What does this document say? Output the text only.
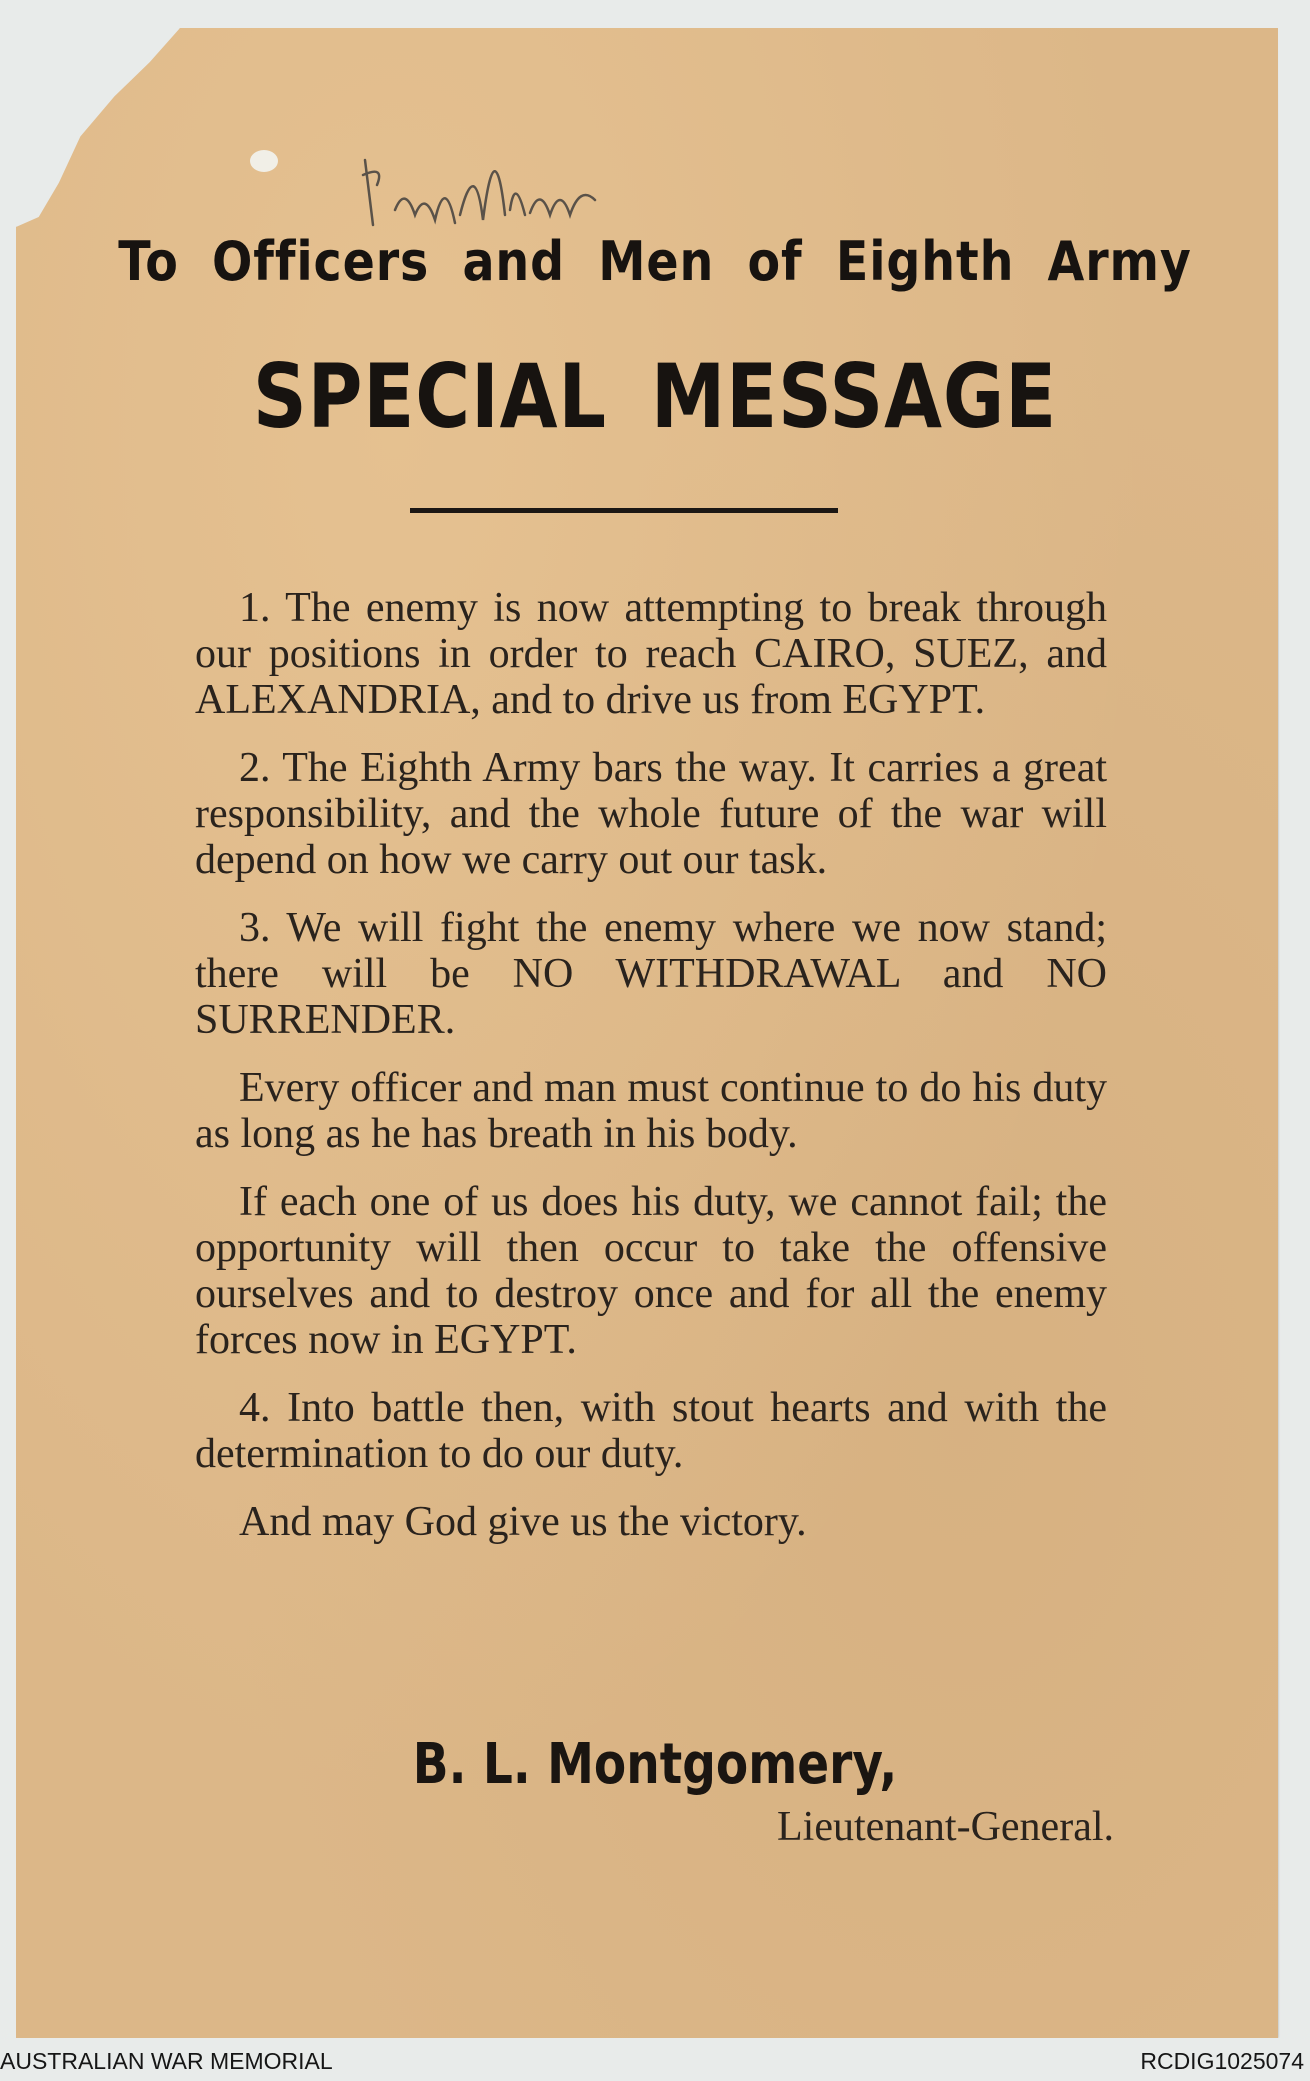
To Officers and Men of Eighth Army
SPECIAL MESSAGE

1. The enemy is now attempting to break through our positions in order to reach CAIRO, SUEZ, and ALEXANDRIA, and to drive us from EGYPT.

2. The Eighth Army bars the way. It carries a great responsibility, and the whole future of the war will depend on how we carry out our task.

3. We will fight the enemy where we now stand; there will be NO WITHDRAWAL and NO SURRENDER.

Every officer and man must continue to do his duty as long as he has breath in his body.

If each one of us does his duty, we cannot fail; the opportunity will then occur to take the offensive ourselves and to destroy once and for all the enemy forces now in EGYPT.

4. Into battle then, with stout hearts and with the determination to do our duty.

And may God give us the victory.

B. L. Montgomery,

Lieutenant-General.

AUSTRALIAN WAR MEMORIAL	RCDIG1025074
